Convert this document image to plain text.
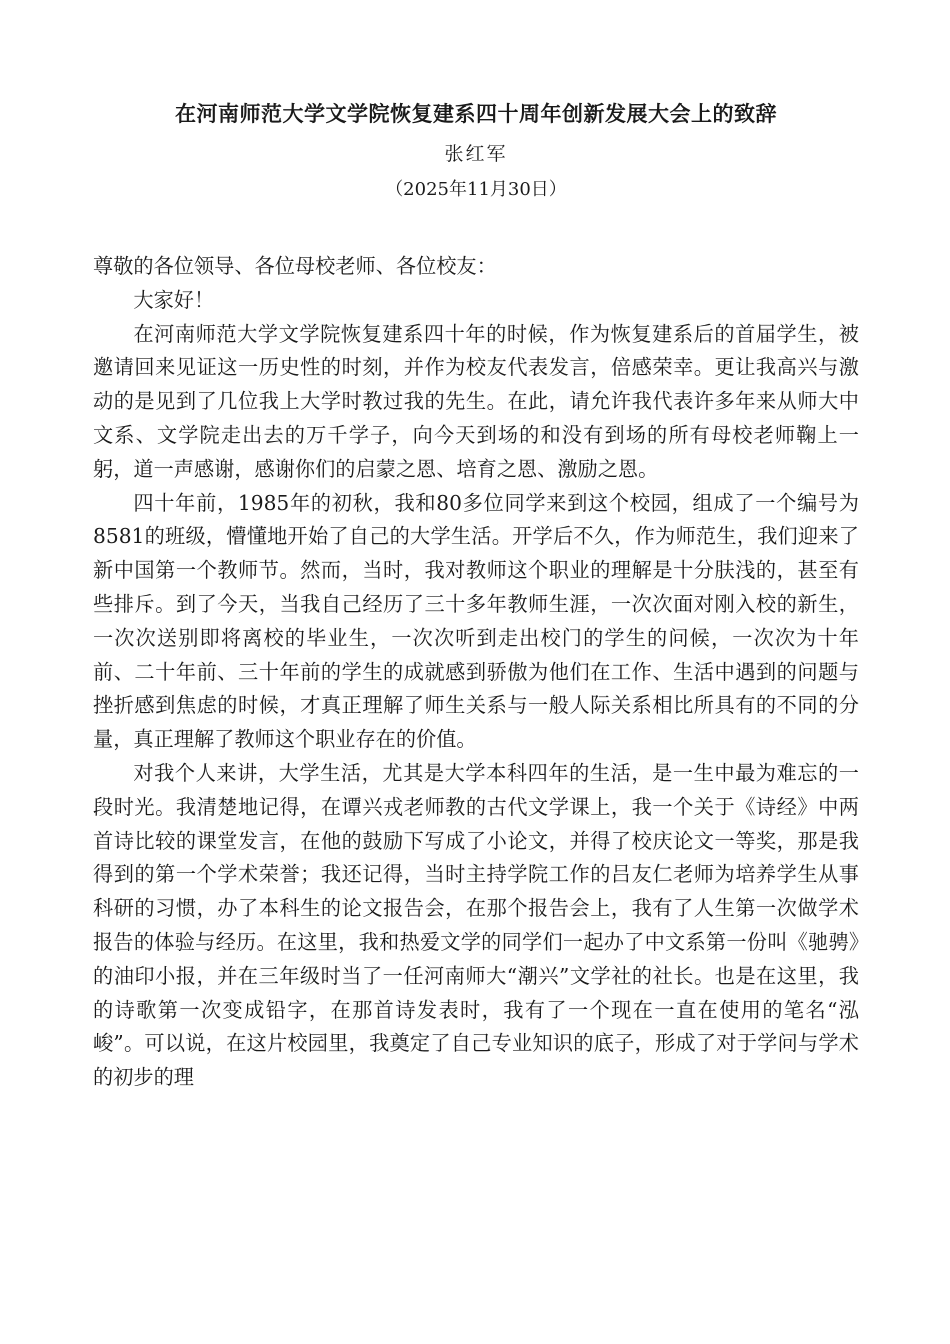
在河南师范大学文学院恢复建系四十周年创新发展大会上的致辞

张红军

（2025年11月30日）

尊敬的各位领导、各位母校老师、各位校友：

大家好！

在河南师范大学文学院恢复建系四十年的时候，作为恢复建系后的首届学生，被邀请回来见证这一历史性的时刻，并作为校友代表发言，倍感荣幸。更让我高兴与激动的是见到了几位我上大学时教过我的先生。在此，请允许我代表许多年来从师大中文系、文学院走出去的万千学子，向今天到场的和没有到场的所有母校老师鞠上一躬，道一声感谢，感谢你们的启蒙之恩、培育之恩、激励之恩。

四十年前，1985年的初秋，我和80多位同学来到这个校园，组成了一个编号为8581的班级，懵懂地开始了自己的大学生活。开学后不久，作为师范生，我们迎来了新中国第一个教师节。然而，当时，我对教师这个职业的理解是十分肤浅的，甚至有些排斥。到了今天，当我自己经历了三十多年教师生涯，一次次面对刚入校的新生，一次次送别即将离校的毕业生，一次次听到走出校门的学生的问候，一次次为十年前、二十年前、三十年前的学生的成就感到骄傲为他们在工作、生活中遇到的问题与挫折感到焦虑的时候，才真正理解了师生关系与一般人际关系相比所具有的不同的分量，真正理解了教师这个职业存在的价值。

对我个人来讲，大学生活，尤其是大学本科四年的生活，是一生中最为难忘的一段时光。我清楚地记得，在谭兴戎老师教的古代文学课上，我一个关于《诗经》中两首诗比较的课堂发言，在他的鼓励下写成了小论文，并得了校庆论文一等奖，那是我得到的第一个学术荣誉；我还记得，当时主持学院工作的吕友仁老师为培养学生从事科研的习惯，办了本科生的论文报告会，在那个报告会上，我有了人生第一次做学术报告的体验与经历。在这里，我和热爱文学的同学们一起办了中文系第一份叫《驰骋》的油印小报，并在三年级时当了一任河南师大“潮兴”文学社的社长。也是在这里，我的诗歌第一次变成铅字，在那首诗发表时，我有了一个现在一直在使用的笔名“泓峻”。可以说，在这片校园里，我奠定了自己专业知识的底子，形成了对于学问与学术的初步的理
